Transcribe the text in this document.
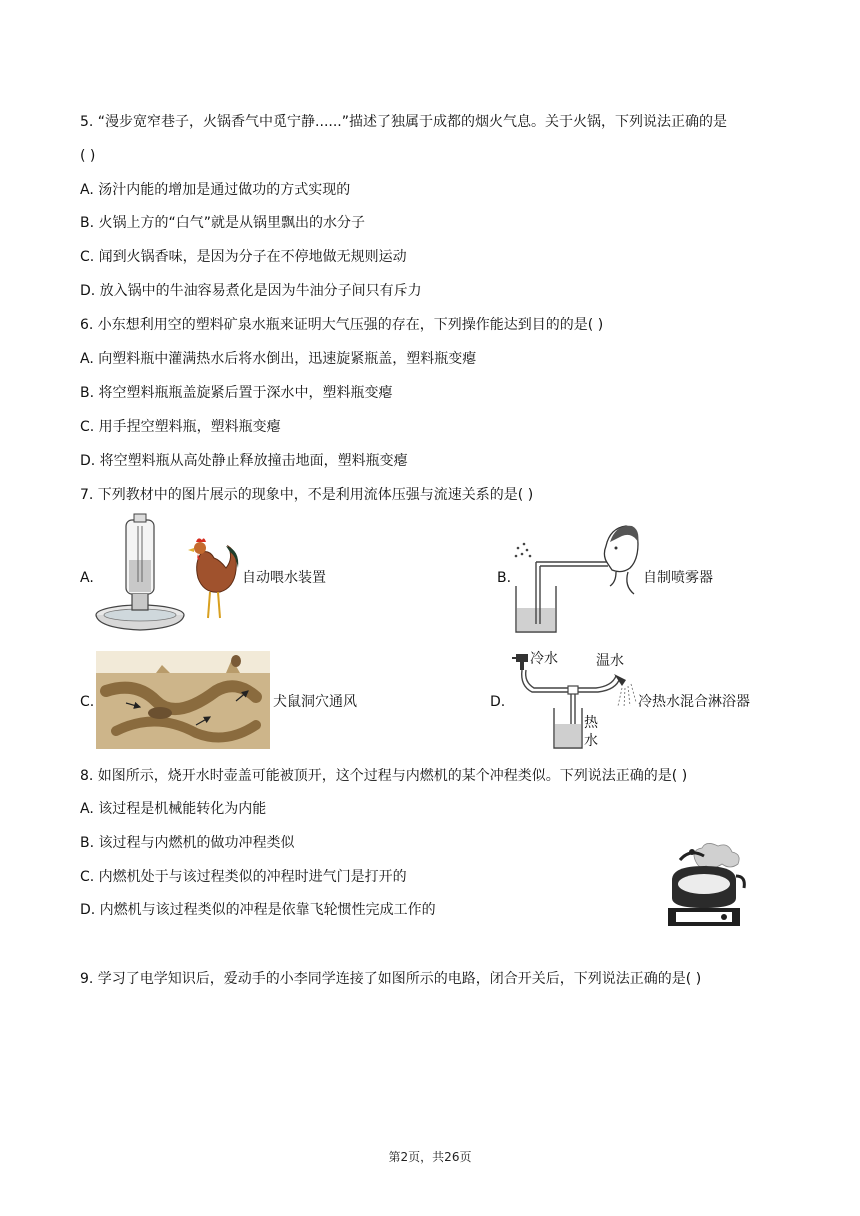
5. “漫步宽窄巷子，火锅香气中觅宁静......”描述了独属于成都的烟火气息。关于火锅，下列说法正确的是
( )
A. 汤汁内能的增加是通过做功的方式实现的
B. 火锅上方的“白气”就是从锅里飘出的水分子
C. 闻到火锅香味，是因为分子在不停地做无规则运动
D. 放入锅中的牛油容易煮化是因为牛油分子间只有斥力
6. 小东想利用空的塑料矿泉水瓶来证明大气压强的存在，下列操作能达到目的的是( )
A. 向塑料瓶中灌满热水后将水倒出，迅速旋紧瓶盖，塑料瓶变瘪
B. 将空塑料瓶瓶盖旋紧后置于深水中，塑料瓶变瘪
C. 用手捏空塑料瓶，塑料瓶变瘪
D. 将空塑料瓶从高处静止释放撞击地面，塑料瓶变瘪
7. 下列教材中的图片展示的现象中，不是利用流体压强与流速关系的是( )
A.	自动喂水装置	B.	自制喷雾器
C.	犬鼠洞穴通风	D.
冷水	温水
热
水
冷热水混合淋浴器
8. 如图所示，烧开水时壶盖可能被顶开，这个过程与内燃机的某个冲程类似。下列说法正确的是( )
A. 该过程是机械能转化为内能
B. 该过程与内燃机的做功冲程类似
C. 内燃机处于与该过程类似的冲程时进气门是打开的
D. 内燃机与该过程类似的冲程是依靠飞轮惯性完成工作的
9. 学习了电学知识后，爱动手的小李同学连接了如图所示的电路，闭合开关后，下列说法正确的是( )
第2页，共26页
